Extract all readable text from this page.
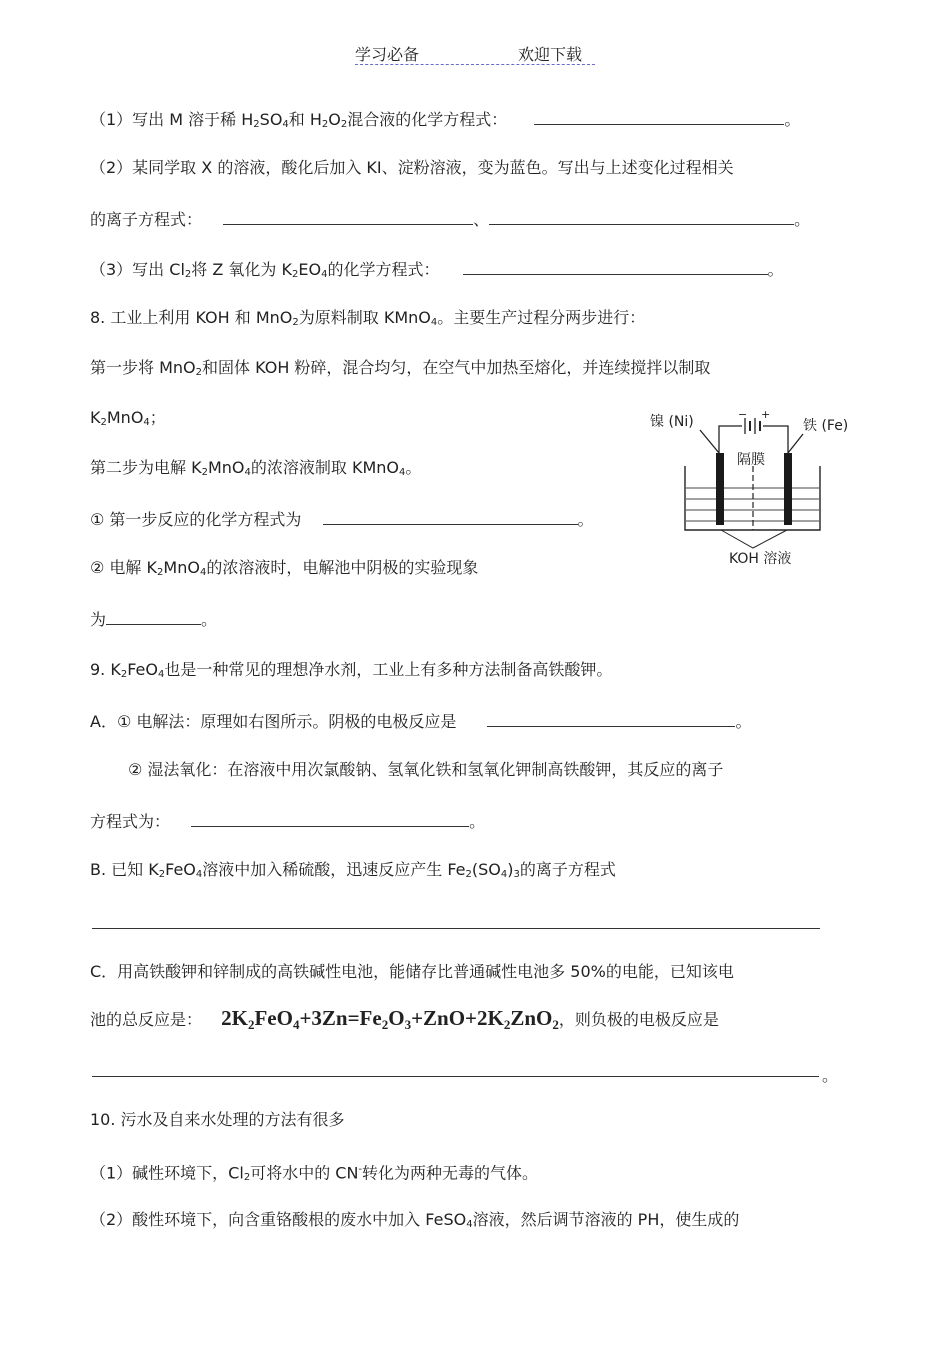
学习必备	欢迎下载
（1）写出 M 溶于稀 $H_2SO_4$和 $H_2O_2$混合液的化学方程式：	。
（2）某同学取 X 的溶液，酸化后加入 KI、淀粉溶液，变为蓝色。写出与上述变化过程相关
的离子方程式：	、	。
（3）写出 $Cl_2$将 Z 氧化为 $K_2EO_4$的化学方程式：	。
8. 工业上利用 KOH 和 MnO$_2$为原料制取 KMnO$_4$。主要生产过程分两步进行：
第一步将 MnO$_2$和固体 KOH 粉碎，混合均匀，在空气中加热至熔化，并连续搅拌以制取
$K_2MnO_4$；
第二步为电解 $K_2MnO_4$的浓溶液制取 KMnO$_4$。
① 第一步反应的化学方程式为	。
② 电解 $K_2MnO_4$的浓溶液时，电解池中阴极的实验现象
为	。
镍 (Ni)	铁 (Fe)
− +
隔膜
KOH 溶液
9. $K_2FeO_4$也是一种常见的理想净水剂，工业上有多种方法制备高铁酸钾。
A．① 电解法：原理如右图所示。阴极的电极反应是	。
② 湿法氧化：在溶液中用次氯酸钠、氢氧化铁和氢氧化钾制高铁酸钾，其反应的离子
方程式为：	。
B. 已知 $K_2FeO_4$溶液中加入稀硫酸，迅速反应产生 $Fe_2(SO_4)_3$的离子方程式
C．用高铁酸钾和锌制成的高铁碱性电池，能储存比普通碱性电池多 50%的电能，已知该电
池的总反应是： $2K_2FeO_4+3Zn=Fe_2O_3+ZnO+2K_2ZnO_2$，则负极的电极反应是
。
10. 污水及自来水处理的方法有很多
（1）碱性环境下，$Cl_2$可将水中的 CN-转化为两种无毒的气体。
（2）酸性环境下，向含重铬酸根的废水中加入 FeSO$_4$溶液，然后调节溶液的 PH，使生成的
